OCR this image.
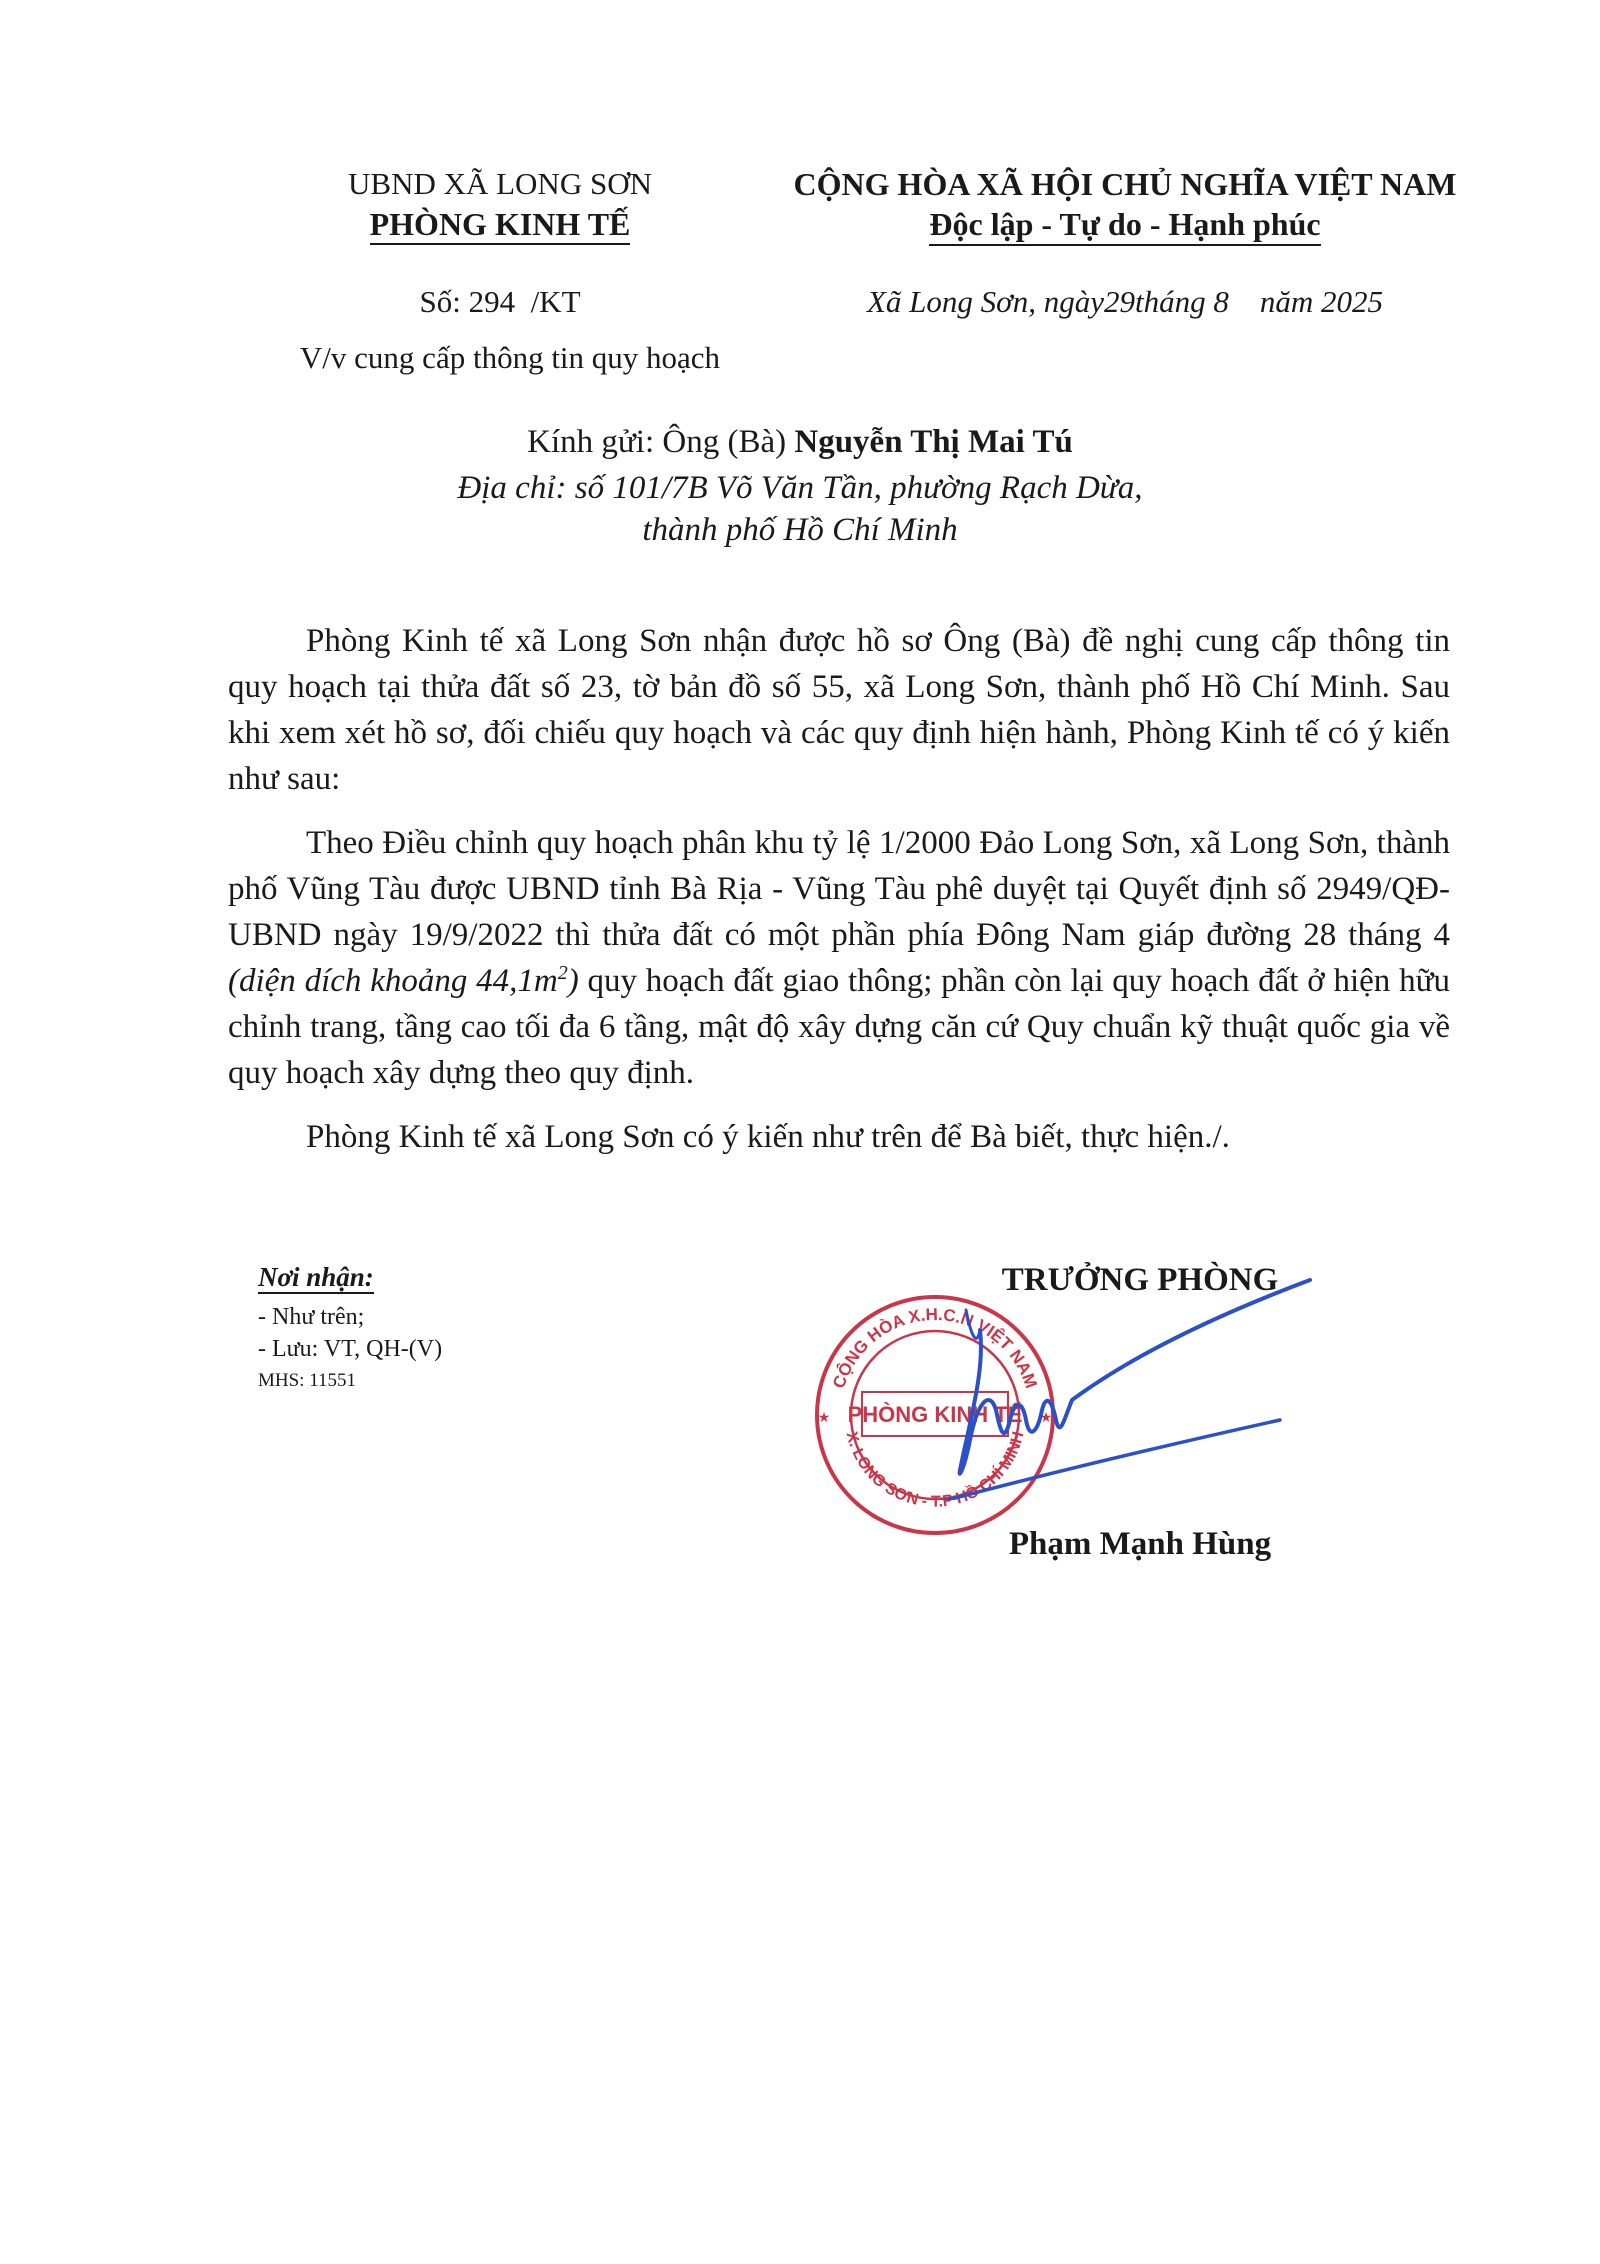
UBND XÃ LONG SƠN
PHÒNG KINH TẾ
CỘNG HÒA XÃ HỘI CHỦ NGHĨA VIỆT NAM
Độc lập - Tự do - Hạnh phúc
Số: 294  /KT	Xã Long Sơn, ngày29tháng 8    năm 2025
V/v cung cấp thông tin quy hoạch
Kính gửi: Ông (Bà) Nguyễn Thị Mai Tú
Địa chỉ: số 101/7B Võ Văn Tần, phường Rạch Dừa,
thành phố Hồ Chí Minh

Phòng Kinh tế xã Long Sơn nhận được hồ sơ Ông (Bà) đề nghị cung cấp thông tin quy hoạch tại thửa đất số 23, tờ bản đồ số 55, xã Long Sơn, thành phố Hồ Chí Minh. Sau khi xem xét hồ sơ, đối chiếu quy hoạch và các quy định hiện hành, Phòng Kinh tế có ý kiến như sau:

Theo Điều chỉnh quy hoạch phân khu tỷ lệ 1/2000 Đảo Long Sơn, xã Long Sơn, thành phố Vũng Tàu được UBND tỉnh Bà Rịa - Vũng Tàu phê duyệt tại Quyết định số 2949/QĐ-UBND ngày 19/9/2022 thì thửa đất có một phần phía Đông Nam giáp đường 28 tháng 4 (diện dích khoảng $44,1m^2$) quy hoạch đất giao thông; phần còn lại quy hoạch đất ở hiện hữu chỉnh trang, tầng cao tối đa 6 tầng, mật độ xây dựng căn cứ Quy chuẩn kỹ thuật quốc gia về quy hoạch xây dựng theo quy định.

Phòng Kinh tế xã Long Sơn có ý kiến như trên để Bà biết, thực hiện./.

Nơi nhận:
- Như trên;
- Lưu: VT, QH-(V)
MHS: 11551
TRƯỞNG PHÒNG
CỘNG HÒA X.H.C.N VIỆT NAM
X. LONG SƠN - T.P HỒ CHÍ MINH
PHÒNG KINH TẾ
★	★
Phạm Mạnh Hùng
